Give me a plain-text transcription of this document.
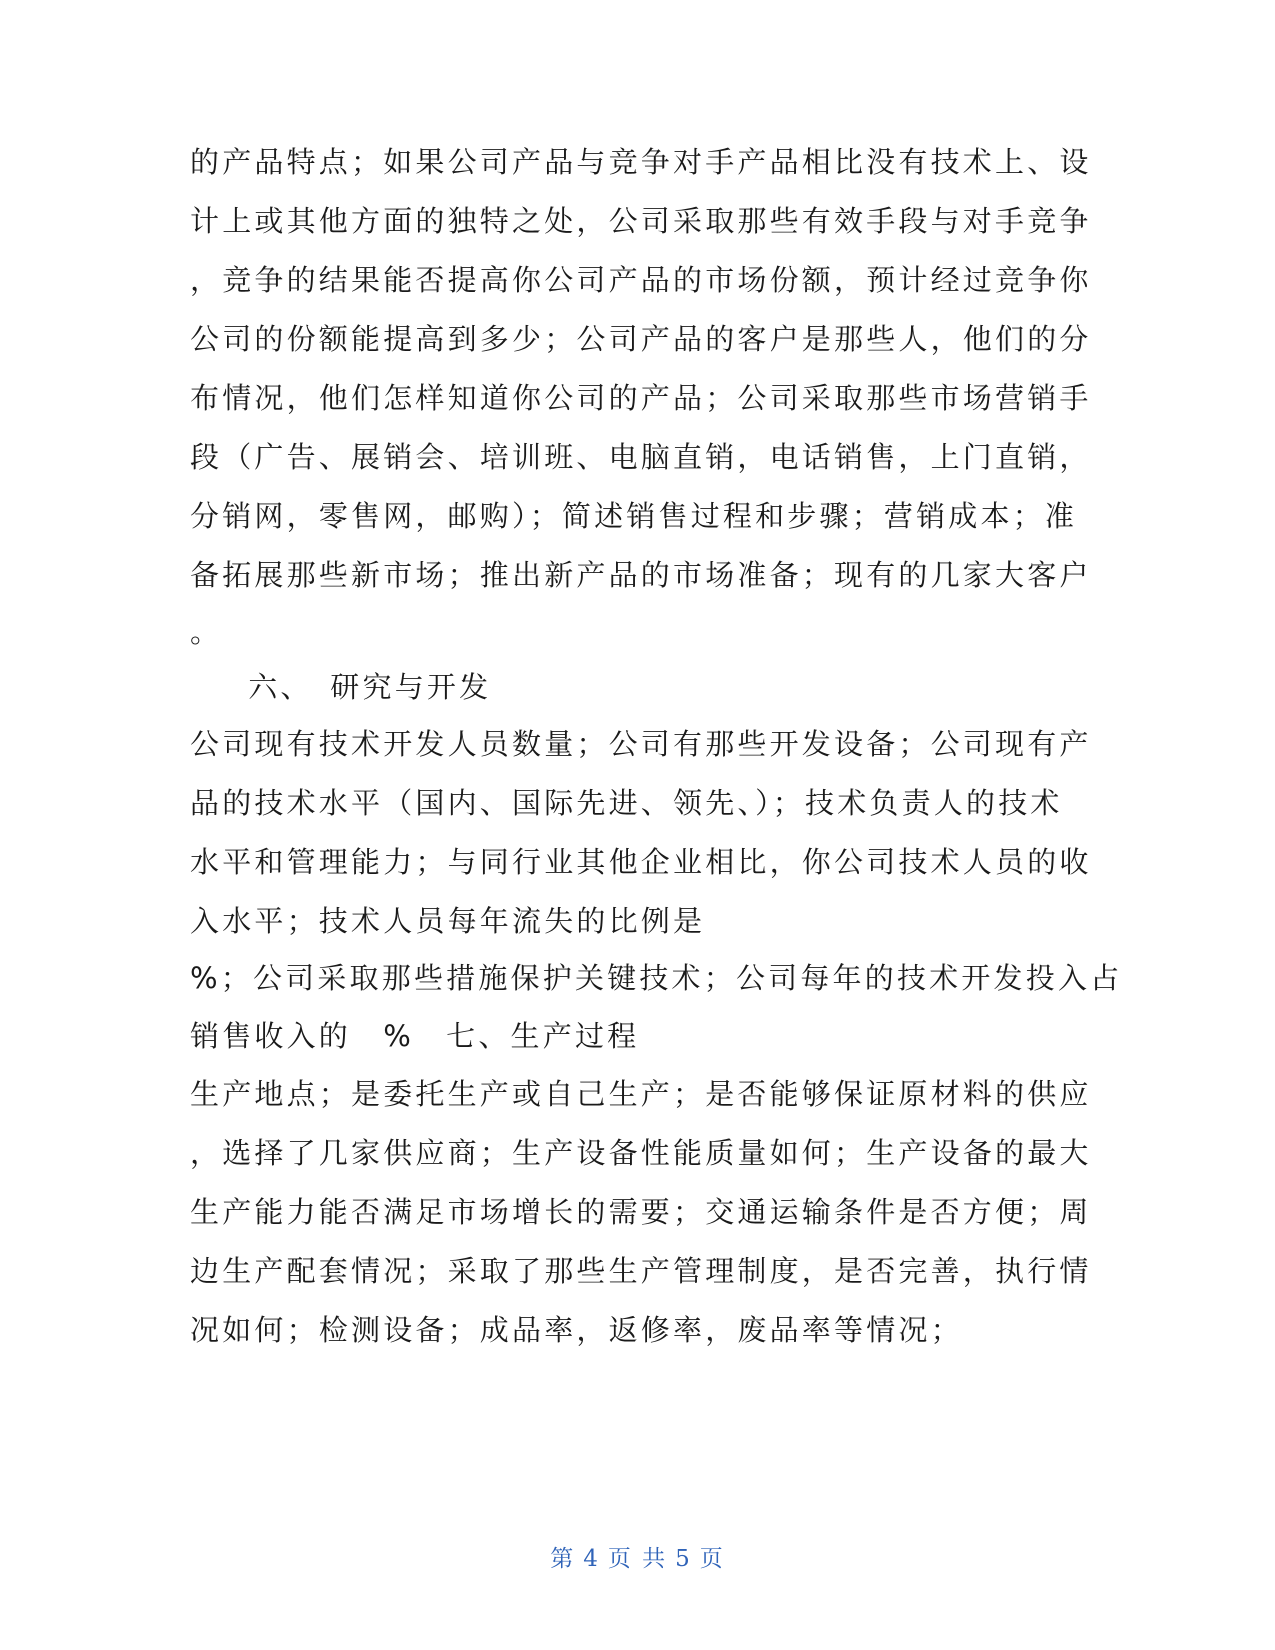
的产品特点；如果公司产品与竞争对手产品相比没有技术上、设
计上或其他方面的独特之处，公司采取那些有效手段与对手竞争
，竞争的结果能否提高你公司产品的市场份额，预计经过竞争你
公司的份额能提高到多少；公司产品的客户是那些人，他们的分
布情况，他们怎样知道你公司的产品；公司采取那些市场营销手
段（广告、展销会、培训班、电脑直销，电话销售，上门直销，
分销网，零售网，邮购）；简述销售过程和步骤；营销成本；准
备拓展那些新市场；推出新产品的市场准备；现有的几家大客户
。
　六、　研究与开发
公司现有技术开发人员数量；公司有那些开发设备；公司现有产
品的技术水平（国内、国际先进、领先、）；技术负责人的技术
水平和管理能力；与同行业其他企业相比，你公司技术人员的收
入水平；技术人员每年流失的比例是
%；公司采取那些措施保护关键技术；公司每年的技术开发投入占
销售收入的　%　七、生产过程
生产地点；是委托生产或自己生产；是否能够保证原材料的供应
，选择了几家供应商；生产设备性能质量如何；生产设备的最大
生产能力能否满足市场增长的需要；交通运输条件是否方便；周
边生产配套情况；采取了那些生产管理制度，是否完善，执行情
况如何；检测设备；成品率，返修率，废品率等情况；
第 4 页 共 5 页
